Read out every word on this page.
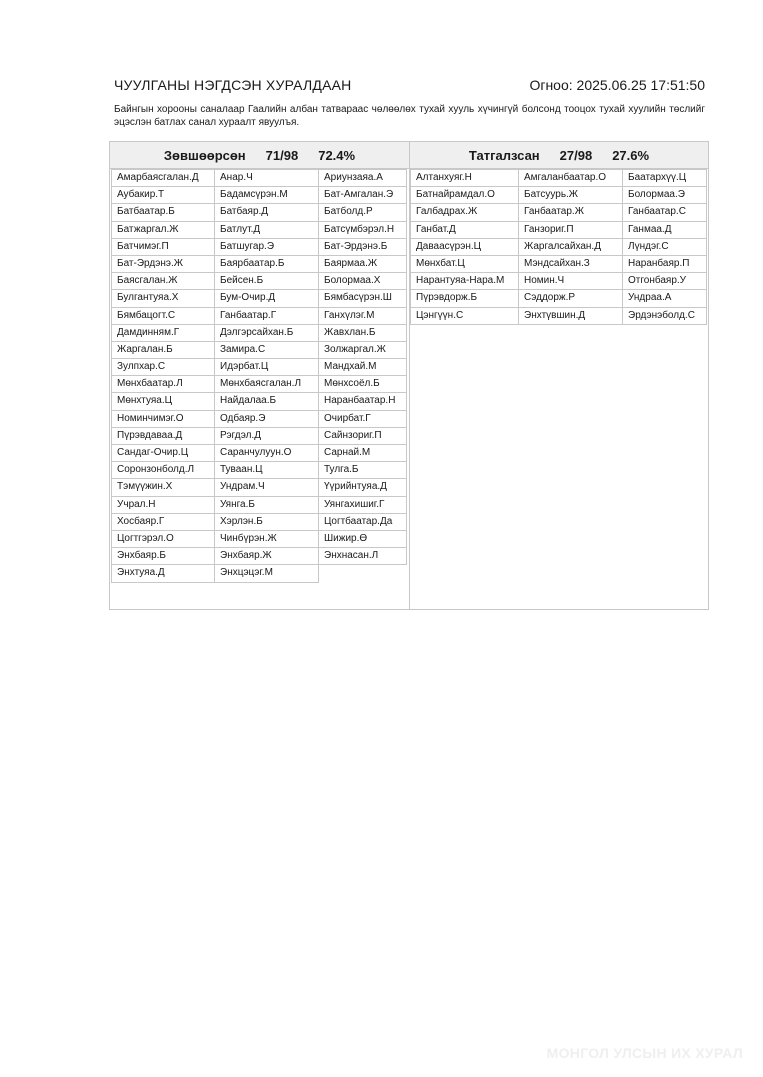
ЧУУЛГАНЫ НЭГДСЭН ХУРАЛДААН	Огноо: 2025.06.25 17:51:50
Байнгын хорооны саналаар Гаалийн албан татвараас чөлөөлөх тухай хууль хүчингүй болсонд тооцох тухай хуулийн төслийг эцэслэн батлах санал хураалт явуулъя.
Зөвшөөрсөн 71/98 72.4%
Амарбаясгалан.Д	Анар.Ч	Ариунзаяа.А
Аубакир.Т	Бадамсүрэн.М	Бат-Амгалан.Э
Батбаатар.Б	Батбаяр.Д	Батболд.Р
Батжаргал.Ж	Батлут.Д	Батсүмбэрэл.Н
Батчимэг.П	Батшугар.Э	Бат-Эрдэнэ.Б
Бат-Эрдэнэ.Ж	Баярбаатар.Б	Баярмаа.Ж
Баясгалан.Ж	Бейсен.Б	Болормаа.Х
Булгантуяа.Х	Бум-Очир.Д	Бямбасүрэн.Ш
Бямбацогт.С	Ганбаатар.Г	Ганхүлэг.М
Дамдинням.Г	Дэлгэрсайхан.Б	Жавхлан.Б
Жаргалан.Б	Замира.С	Золжаргал.Ж
Зулпхар.С	Идэрбат.Ц	Мандхай.М
Мөнхбаатар.Л	Мөнхбаясгалан.Л	Мөнхсоёл.Б
Мөнхтуяа.Ц	Найдалаа.Б	Наранбаатар.Н
Номинчимэг.О	Одбаяр.Э	Очирбат.Г
Пүрэвдаваа.Д	Рэгдэл.Д	Сайнзориг.П
Сандаг-Очир.Ц	Саранчулуун.О	Сарнай.М
Соронзонболд.Л	Туваан.Ц	Тулга.Б
Тэмүүжин.Х	Ундрам.Ч	Үүрийнтуяа.Д
Учрал.Н	Уянга.Б	Уянгахишиг.Г
Хосбаяр.Г	Хэрлэн.Б	Цогтбаатар.Да
Цогтгэрэл.О	Чинбүрэн.Ж	Шижир.Ө
Энхбаяр.Б	Энхбаяр.Ж	Энхнасан.Л
Энхтуяа.Д	Энхцэцэг.М
Татгалзсан 27/98 27.6%
Алтанхуяг.Н	Амгаланбаатар.О	Баатархүү.Ц
Батнайрамдал.О	Батсуурь.Ж	Болормаа.Э
Галбадрах.Ж	Ганбаатар.Ж	Ганбаатар.С
Ганбат.Д	Ганзориг.П	Ганмаа.Д
Даваасүрэн.Ц	Жаргалсайхан.Д	Лүндэг.С
Мөнхбат.Ц	Мэндсайхан.З	Наранбаяр.П
Нарантуяа-Нара.М	Номин.Ч	Отгонбаяр.У
Пүрэвдорж.Б	Сэддорж.Р	Ундраа.А
Цэнгүүн.С	Энхтүвшин.Д	Эрдэнэболд.С
МОНГОЛ УЛСЫН ИХ ХУРАЛ
